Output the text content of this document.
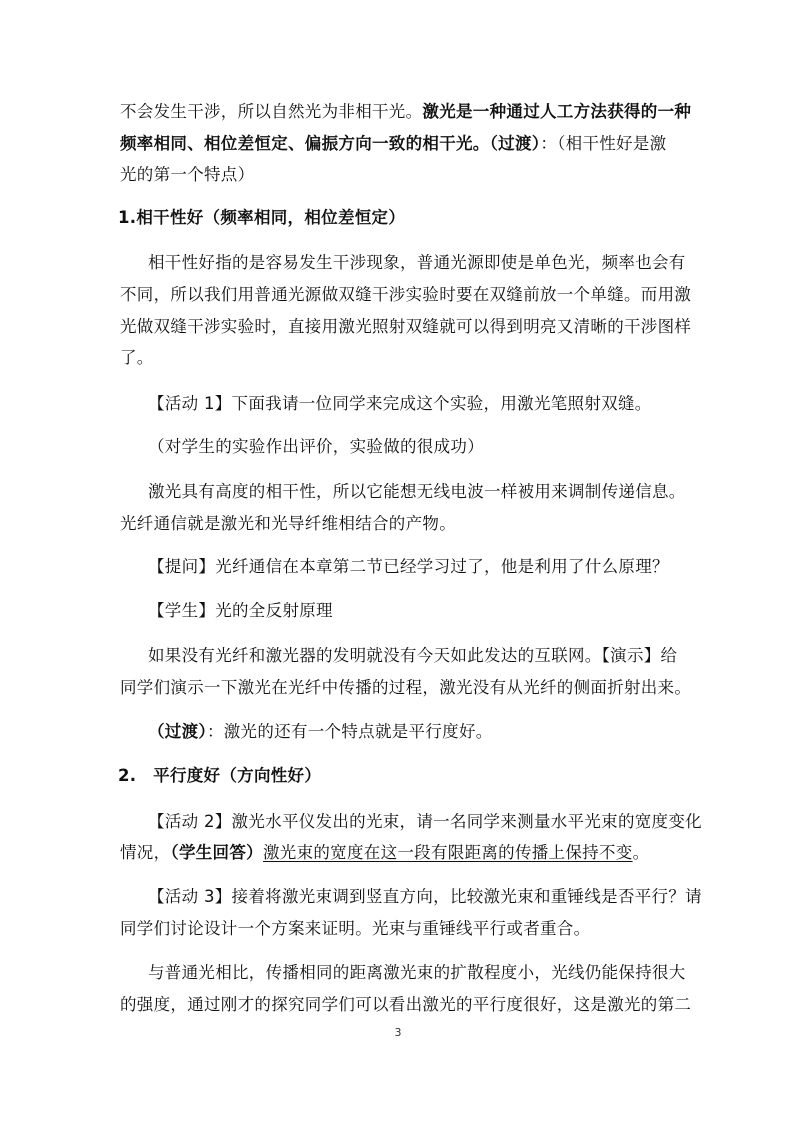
不会发生干涉，所以自然光为非相干光。激光是一种通过人工方法获得的一种
频率相同、相位差恒定、偏振方向一致的相干光。（过渡）：（相干性好是激
光的第一个特点）
1.相干性好（频率相同，相位差恒定）
相干性好指的是容易发生干涉现象，普通光源即使是单色光，频率也会有
不同，所以我们用普通光源做双缝干涉实验时要在双缝前放一个单缝。而用激
光做双缝干涉实验时，直接用激光照射双缝就可以得到明亮又清晰的干涉图样
了。
【活动 1】下面我请一位同学来完成这个实验，用激光笔照射双缝。
（对学生的实验作出评价，实验做的很成功）
激光具有高度的相干性，所以它能想无线电波一样被用来调制传递信息。
光纤通信就是激光和光导纤维相结合的产物。
【提问】光纤通信在本章第二节已经学习过了，他是利用了什么原理？
【学生】光的全反射原理
如果没有光纤和激光器的发明就没有今天如此发达的互联网。【演示】给
同学们演示一下激光在光纤中传播的过程，激光没有从光纤的侧面折射出来。
（过渡）：激光的还有一个特点就是平行度好。
2.　平行度好（方向性好）
【活动 2】激光水平仪发出的光束，请一名同学来测量水平光束的宽度变化
情况，（学生回答）激光束的宽度在这一段有限距离的传播上保持不变。
【活动 3】接着将激光束调到竖直方向，比较激光束和重锤线是否平行？请
同学们讨论设计一个方案来证明。光束与重锤线平行或者重合。
与普通光相比，传播相同的距离激光束的扩散程度小，光线仍能保持很大
的强度，通过刚才的探究同学们可以看出激光的平行度很好，这是激光的第二
3
